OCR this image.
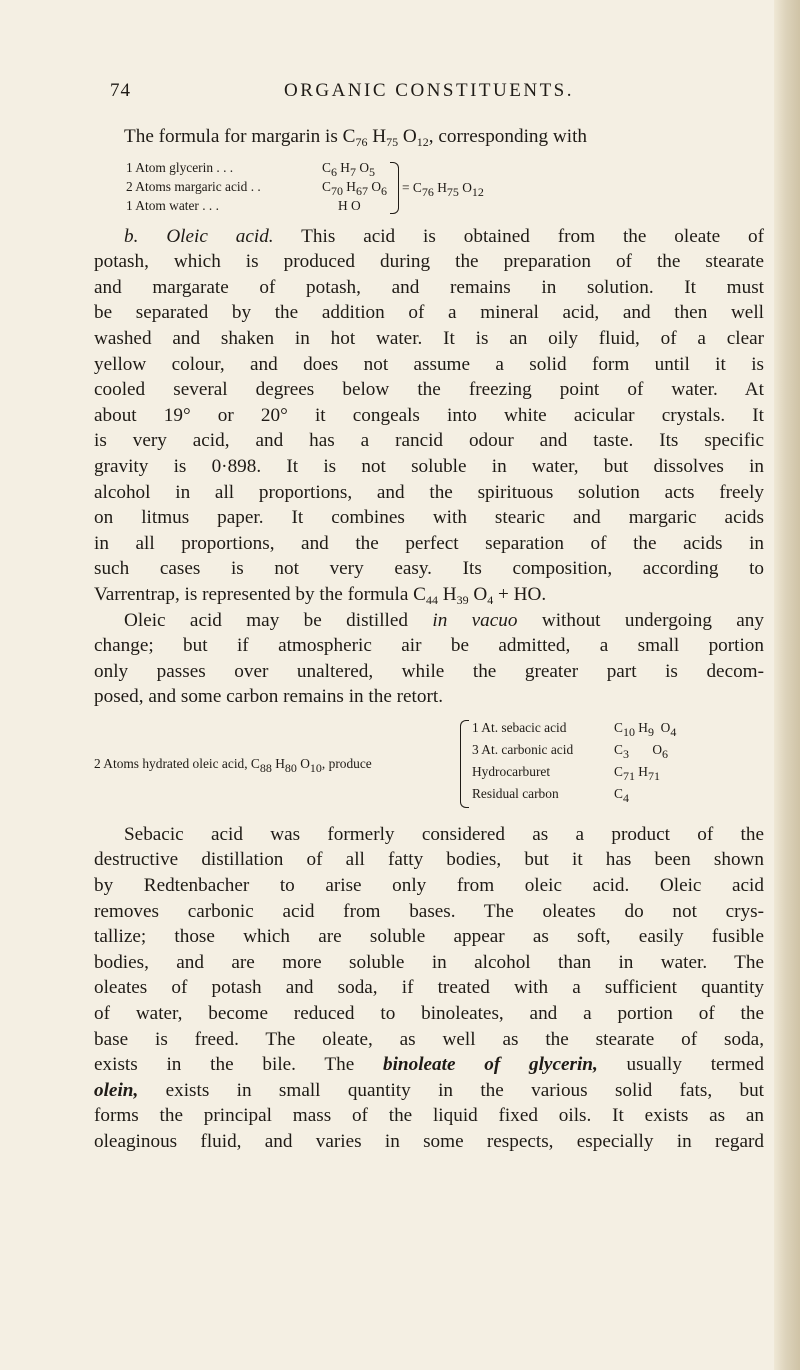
74	ORGANIC CONSTITUENTS.
The formula for margarin is $C_{76}$ $H_{75}$ $O_{12}$, corresponding with
1 Atom glycerin . . .	$C_6$ $H_7$ $O_5$
2 Atoms margaric acid . .	$C_{70}$ $H_{67}$ $O_6$
1 Atom water . . .	H O
= $C_{76}$ $H_{75}$ $O_{12}$
b. Oleic acid. This acid is obtained from the oleate of
potash, which is produced during the preparation of the stearate
and margarate of potash, and remains in solution. It must
be separated by the addition of a mineral acid, and then well
washed and shaken in hot water. It is an oily fluid, of a clear
yellow colour, and does not assume a solid form until it is
cooled several degrees below the freezing point of water. At
about 19° or 20° it congeals into white acicular crystals. It
is very acid, and has a rancid odour and taste. Its specific
gravity is 0·898. It is not soluble in water, but dissolves in
alcohol in all proportions, and the spirituous solution acts freely
on litmus paper. It combines with stearic and margaric acids
in all proportions, and the perfect separation of the acids in
such cases is not very easy. Its composition, according to
Varrentrap, is represented by the formula $C_{44}$ $H_{39}$ $O_4$ + HO.
Oleic acid may be distilled in vacuo without undergoing any
change; but if atmospheric air be admitted, a small portion
only passes over unaltered, while the greater part is decom-
posed, and some carbon remains in the retort.
2 Atoms hydrated oleic acid, $C_{88}$ $H_{80}$ $O_{10}$, produce
1 At. sebacic acid	$C_{10}$ $H_9$  $O_4$
3 At. carbonic acid	$C_3$       $O_6$
Hydrocarburet	$C_{71}$ $H_{71}$
Residual carbon	$C_4$
Sebacic acid was formerly considered as a product of the
destructive distillation of all fatty bodies, but it has been shown
by Redtenbacher to arise only from oleic acid. Oleic acid
removes carbonic acid from bases. The oleates do not crys-
tallize; those which are soluble appear as soft, easily fusible
bodies, and are more soluble in alcohol than in water. The
oleates of potash and soda, if treated with a sufficient quantity
of water, become reduced to binoleates, and a portion of the
base is freed. The oleate, as well as the stearate of soda,
exists in the bile. The binoleate of glycerin, usually termed
olein, exists in small quantity in the various solid fats, but
forms the principal mass of the liquid fixed oils. It exists as an
oleaginous fluid, and varies in some respects, especially in regard
